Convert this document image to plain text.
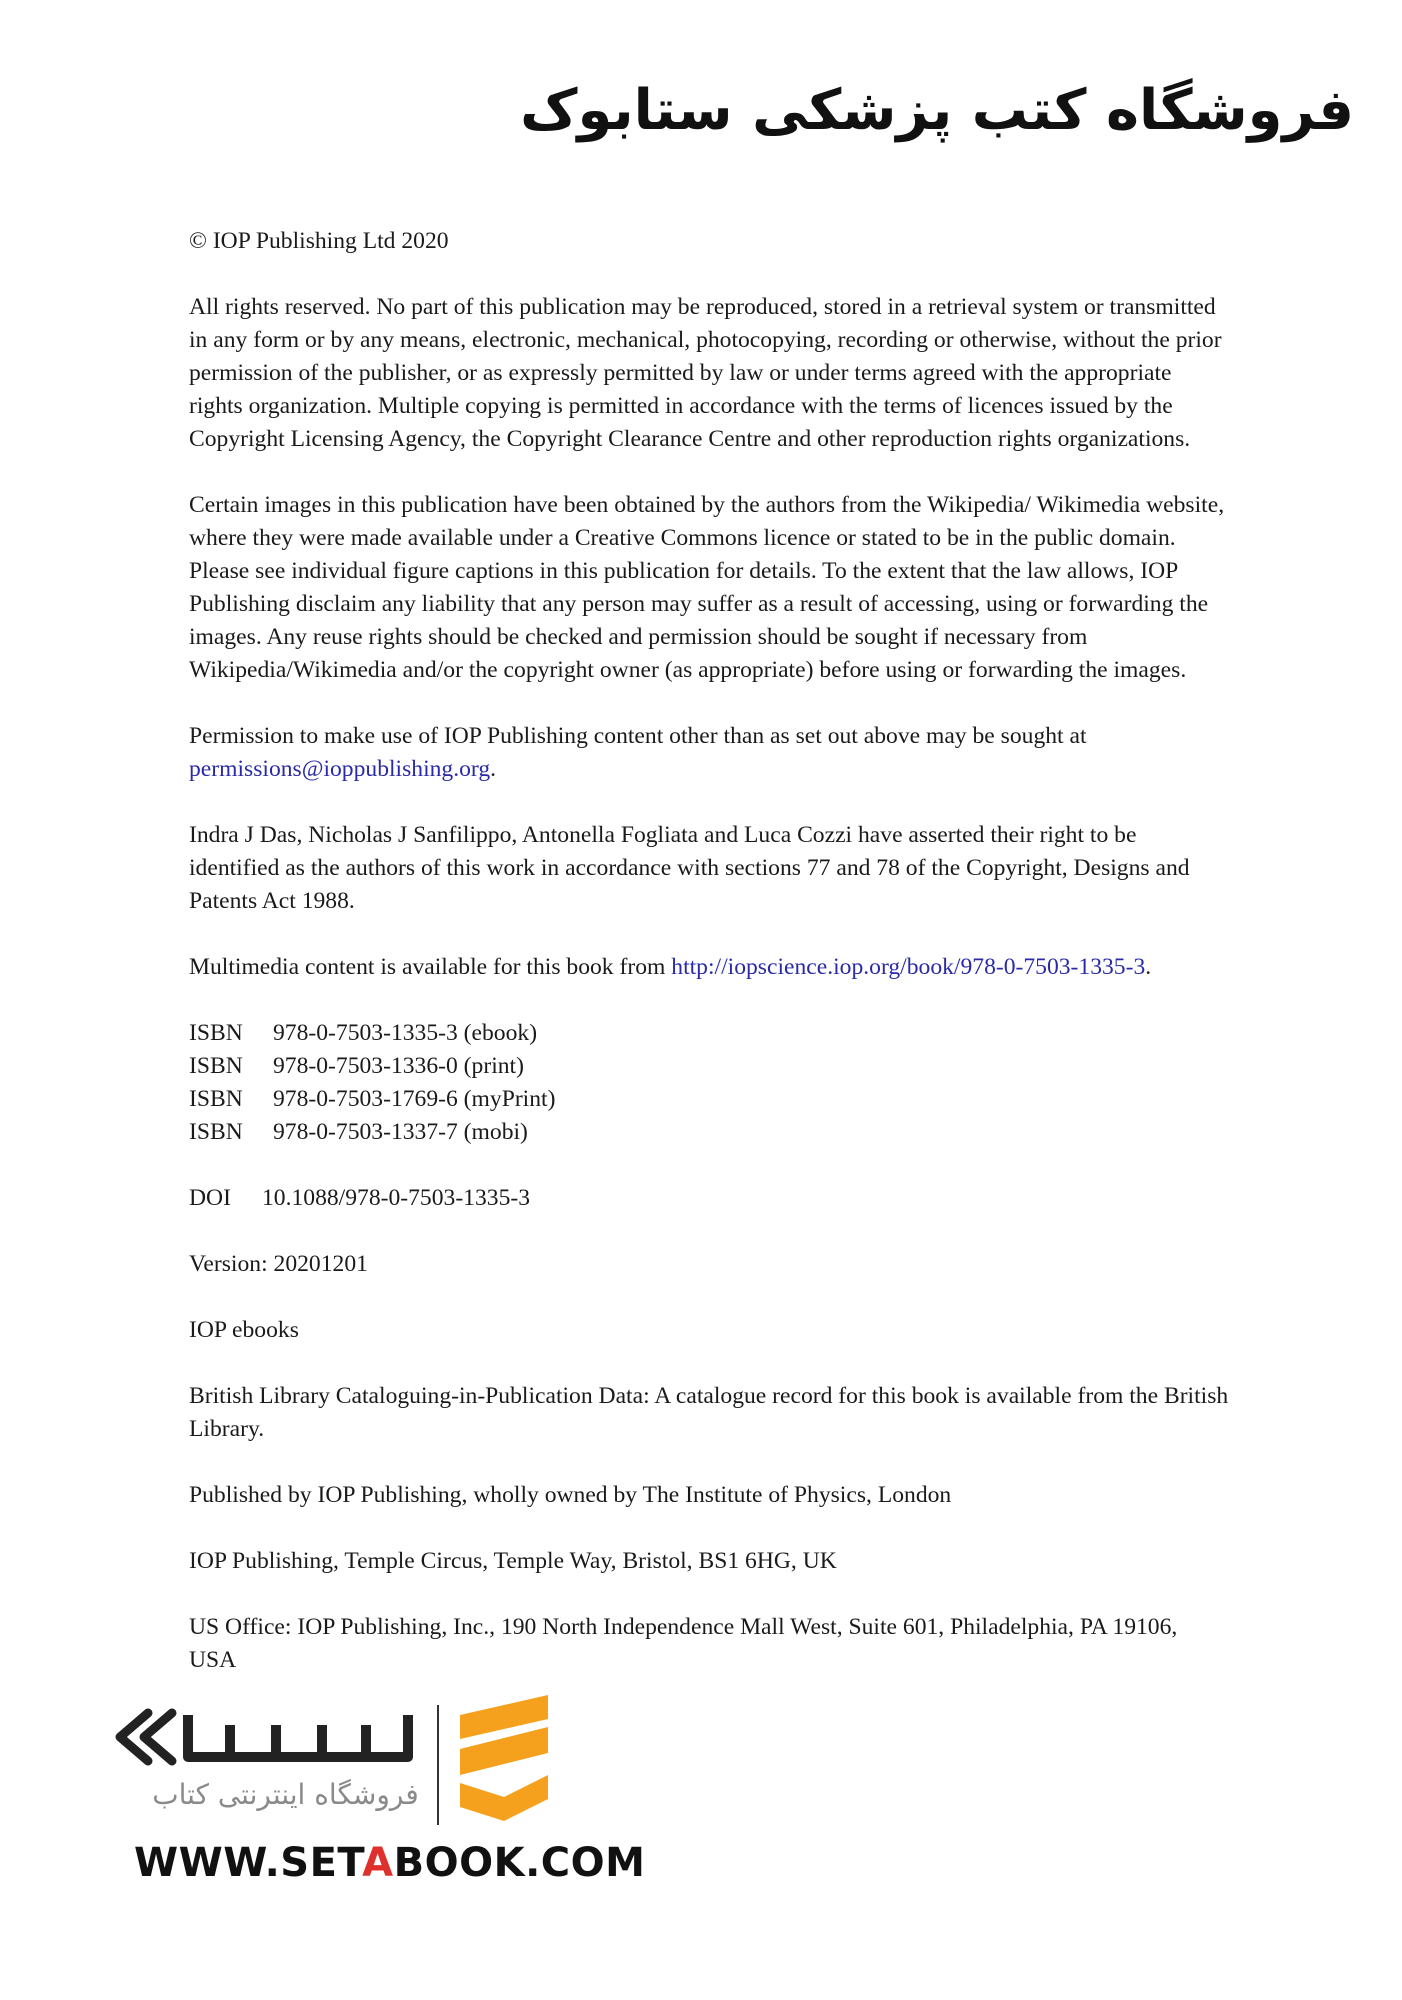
فروشگاه کتب پزشکی ستابوک

© IOP Publishing Ltd 2020

All rights reserved. No part of this publication may be reproduced, stored in a retrieval system or transmitted in any form or by any means, electronic, mechanical, photocopying, recording or otherwise, without the prior permission of the publisher, or as expressly permitted by law or under terms agreed with the appropriate rights organization. Multiple copying is permitted in accordance with the terms of licences issued by the Copyright Licensing Agency, the Copyright Clearance Centre and other reproduction rights organizations.

Certain images in this publication have been obtained by the authors from the Wikipedia/ Wikimedia website, where they were made available under a Creative Commons licence or stated to be in the public domain. Please see individual figure captions in this publication for details. To the extent that the law allows, IOP Publishing disclaim any liability that any person may suffer as a result of accessing, using or forwarding the images. Any reuse rights should be checked and permission should be sought if necessary from Wikipedia/Wikimedia and/or the copyright owner (as appropriate) before using or forwarding the images.

Permission to make use of IOP Publishing content other than as set out above may be sought at permissions@ioppublishing.org.

Indra J Das, Nicholas J Sanfilippo, Antonella Fogliata and Luca Cozzi have asserted their right to be identified as the authors of this work in accordance with sections 77 and 78 of the Copyright, Designs and Patents Act 1988.

Multimedia content is available for this book from http://iopscience.iop.org/book/978-0-7503-1335-3.

ISBN	978-0-7503-1335-3 (ebook)
ISBN	978-0-7503-1336-0 (print)
ISBN	978-0-7503-1769-6 (myPrint)
ISBN	978-0-7503-1337-7 (mobi)
DOI	10.1088/978-0-7503-1335-3

Version: 20201201

IOP ebooks

British Library Cataloguing-in-Publication Data: A catalogue record for this book is available from the British Library.

Published by IOP Publishing, wholly owned by The Institute of Physics, London

IOP Publishing, Temple Circus, Temple Way, Bristol, BS1 6HG, UK

US Office: IOP Publishing, Inc., 190 North Independence Mall West, Suite 601, Philadelphia, PA 19106, USA

فروشگاه اینترنتی کتاب
WWW.SETABOOK.COM
